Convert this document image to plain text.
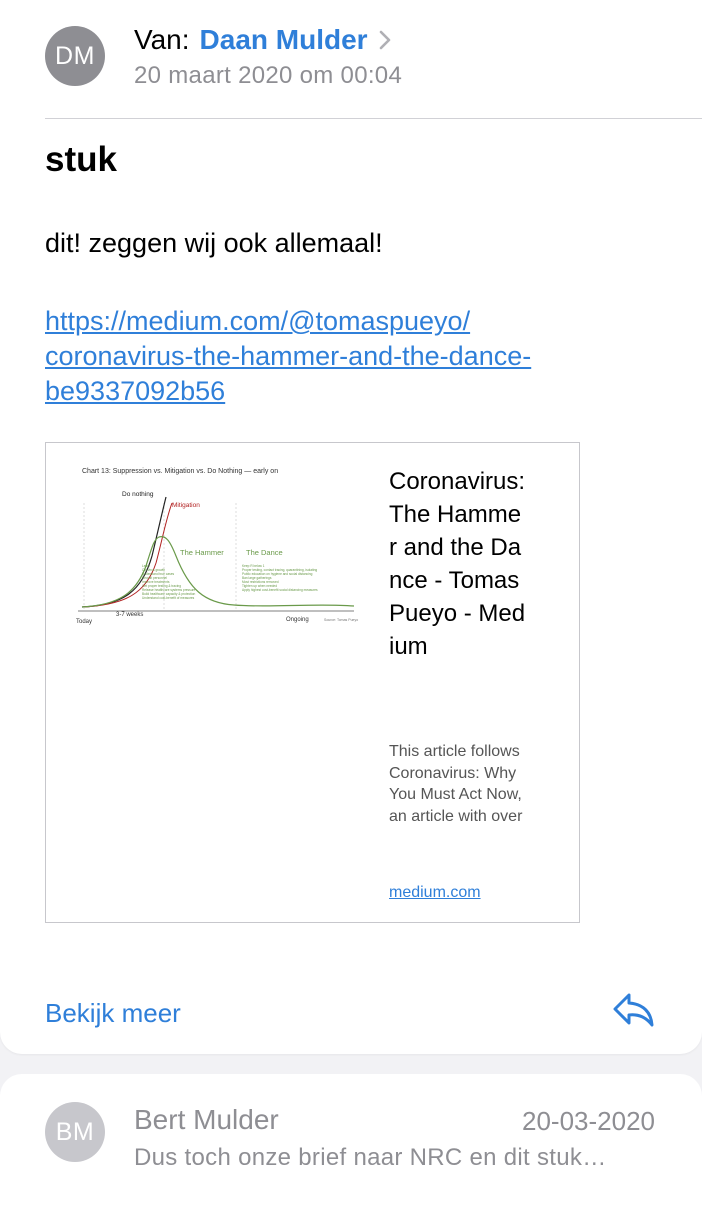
DM
Van: Daan Mulder
20 maart 2020 om 00:04
stuk
dit! zeggen wij ook allemaal!
https://medium.com/@tomaspueyo/
coronavirus-the-hammer-and-the-dance-
be9337092b56
Chart 13: Suppression vs. Mitigation vs. Do Nothing — early on
Do nothing
Mitigation
The Hammer	The Dance
Learn
Cut virus growth
Understand true cases
Recruit personnel
Improve treatments
Get proper testing & tracing
Release healthcare systems pressure
Build healthcare capacity & protection
Understand cost-benefit of measures
Keep R below 1
Proper testing, contact tracing, quarantining, isolating
Public education on hygiene and social distancing
Ban large gatherings
Most restrictions removed
Tighten up when needed
Apply highest cost-benefit social distancing measures
Today
3-7 weeks
Ongoing	Source: Tomas Pueyo
Coronavirus: The Hammer and the Dance - Tomas Pueyo - Medium
This article follows Coronavirus: Why You Must Act Now, an article with over
medium.com
Bekijk meer
BM	Bert Mulder	20-03-2020
Dus toch onze brief naar NRC en dit stuk…
